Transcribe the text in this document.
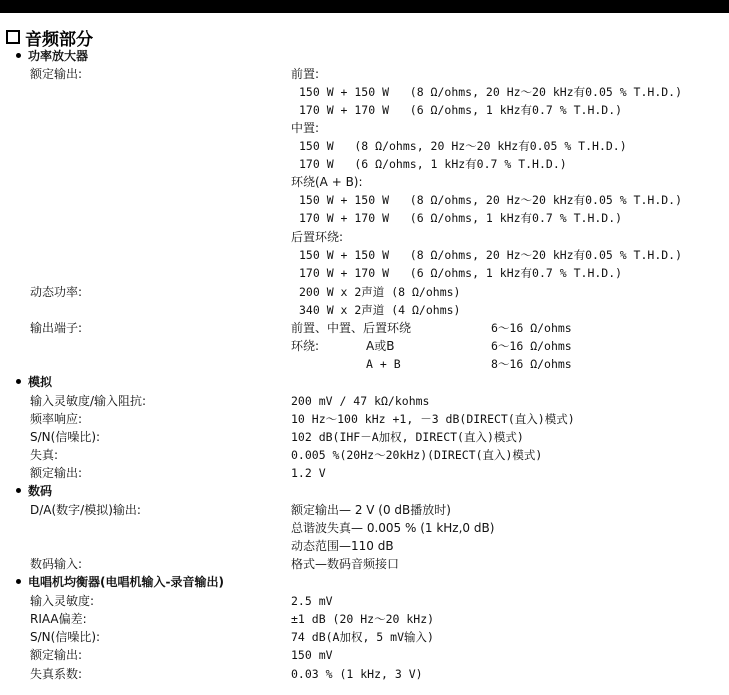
音频部分
功率放大器
额定输出:	前置:
150 W + 150 W   (8 Ω/ohms, 20 Hz～20 kHz有0.05 % T.H.D.)
170 W + 170 W   (6 Ω/ohms, 1 kHz有0.7 % T.H.D.)
中置:
150 W   (8 Ω/ohms, 20 Hz～20 kHz有0.05 % T.H.D.)
170 W   (6 Ω/ohms, 1 kHz有0.7 % T.H.D.)
环绕(A + B):
150 W + 150 W   (8 Ω/ohms, 20 Hz～20 kHz有0.05 % T.H.D.)
170 W + 170 W   (6 Ω/ohms, 1 kHz有0.7 % T.H.D.)
后置环绕:
150 W + 150 W   (8 Ω/ohms, 20 Hz～20 kHz有0.05 % T.H.D.)
170 W + 170 W   (6 Ω/ohms, 1 kHz有0.7 % T.H.D.)
动态功率:	200 W x 2声道 (8 Ω/ohms)
340 W x 2声道 (4 Ω/ohms)
输出端子:	前置、中置、后置环绕	6～16 Ω/ohms
环绕:	A或B	6～16 Ω/ohms
A + B	8～16 Ω/ohms
模拟
输入灵敏度/输入阻抗:	200 mV / 47 kΩ/kohms
频率响应:	10 Hz～100 kHz +1, －3 dB(DIRECT(直入)模式)
S/N(信噪比):	102 dB(IHF－A加权, DIRECT(直入)模式)
失真:	0.005 %(20Hz～20kHz)(DIRECT(直入)模式)
额定输出:	1.2 V
数码
D/A(数字/模拟)输出:	额定输出— 2 V (0 dB播放时)
总谐波失真— 0.005 % (1 kHz,0 dB)
动态范围—110 dB
数码输入:	格式—数码音频接口
电唱机均衡器(电唱机输入-录音输出)
输入灵敏度:	2.5 mV
RIAA偏差:	±1 dB (20 Hz～20 kHz)
S/N(信噪比):	74 dB(A加权, 5 mV输入)
额定输出:	150 mV
失真系数:	0.03 % (1 kHz, 3 V)
